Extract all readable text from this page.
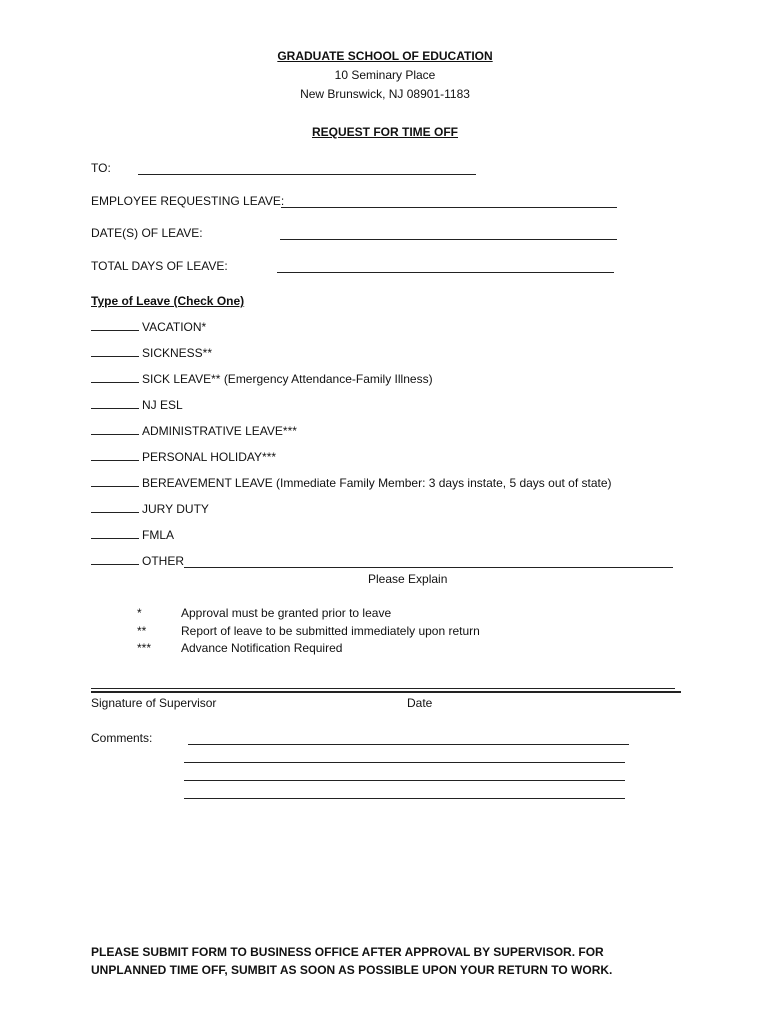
GRADUATE SCHOOL OF EDUCATION
10 Seminary Place
New Brunswick, NJ 08901-1183
REQUEST FOR TIME OFF
TO:
EMPLOYEE REQUESTING LEAVE:
DATE(S) OF LEAVE:
TOTAL DAYS OF LEAVE:
Type of Leave (Check One)
VACATION*
SICKNESS**
SICK LEAVE** (Emergency Attendance-Family Illness)
NJ ESL
ADMINISTRATIVE LEAVE***
PERSONAL HOLIDAY***
BEREAVEMENT LEAVE (Immediate Family Member: 3 days instate, 5 days out of state)
JURY DUTY
FMLA
OTHER
Please Explain
*	Approval must be granted prior to leave
**	Report of leave to be submitted immediately upon return
*** Advance Notification Required
Signature of Supervisor	Date
Comments:
PLEASE SUBMIT FORM TO BUSINESS OFFICE AFTER APPROVAL BY SUPERVISOR. FOR UNPLANNED TIME OFF, SUMBIT AS SOON AS POSSIBLE UPON YOUR RETURN TO WORK.
